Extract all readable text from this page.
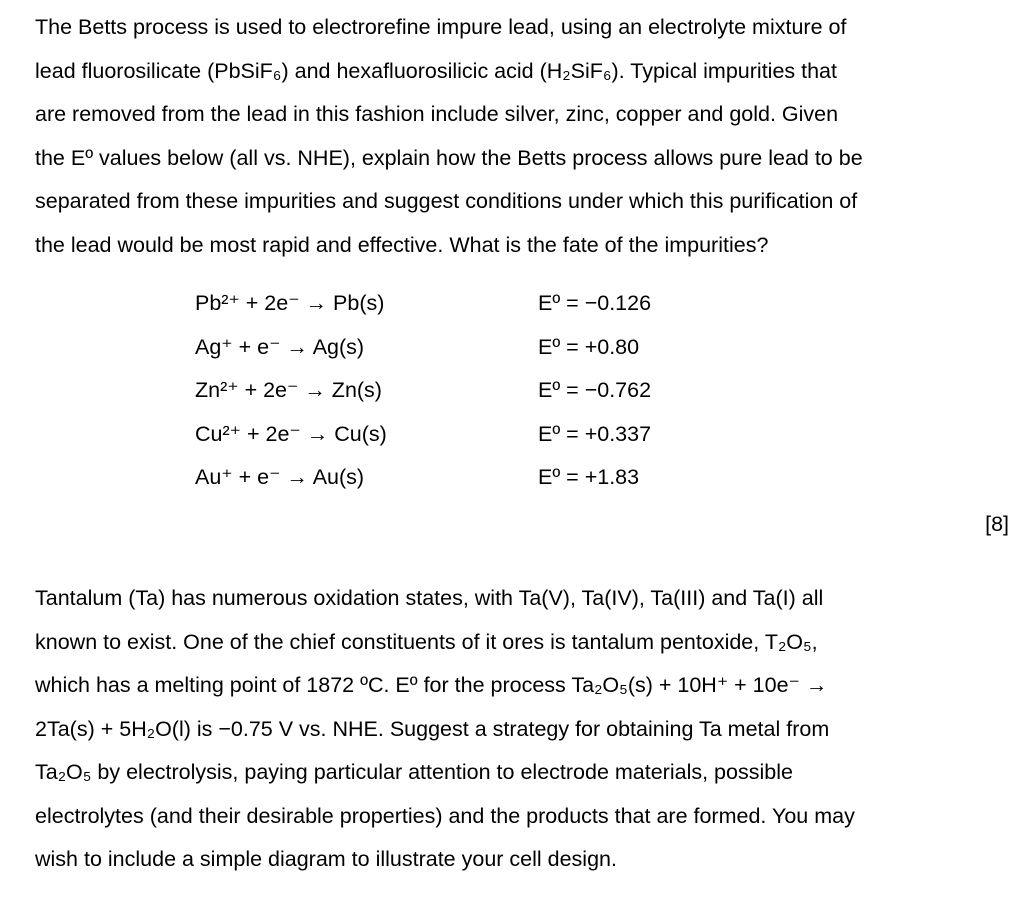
The Betts process is used to electrorefine impure lead, using an electrolyte mixture of
lead fluorosilicate (PbSiF₆) and hexafluorosilicic acid (H₂SiF₆). Typical impurities that
are removed from the lead in this fashion include silver, zinc, copper and gold. Given
the Eº values below (all vs. NHE), explain how the Betts process allows pure lead to be
separated from these impurities and suggest conditions under which this purification of
the lead would be most rapid and effective. What is the fate of the impurities?
Pb²⁺ + 2e⁻ → Pb(s)	Eº = −0.126
Ag⁺ + e⁻ → Ag(s)	Eº = +0.80
Zn²⁺ + 2e⁻ → Zn(s)	Eº = −0.762
Cu²⁺ + 2e⁻ → Cu(s)	Eº = +0.337
Au⁺ + e⁻ → Au(s)	Eº = +1.83
[8]
Tantalum (Ta) has numerous oxidation states, with Ta(V), Ta(IV), Ta(III) and Ta(I) all
known to exist. One of the chief constituents of it ores is tantalum pentoxide, T₂O₅,
which has a melting point of 1872 ºC. Eº for the process Ta₂O₅(s) + 10H⁺ + 10e⁻ →
2Ta(s) + 5H₂O(l) is −0.75 V vs. NHE. Suggest a strategy for obtaining Ta metal from
Ta₂O₅ by electrolysis, paying particular attention to electrode materials, possible
electrolytes (and their desirable properties) and the products that are formed. You may
wish to include a simple diagram to illustrate your cell design.
